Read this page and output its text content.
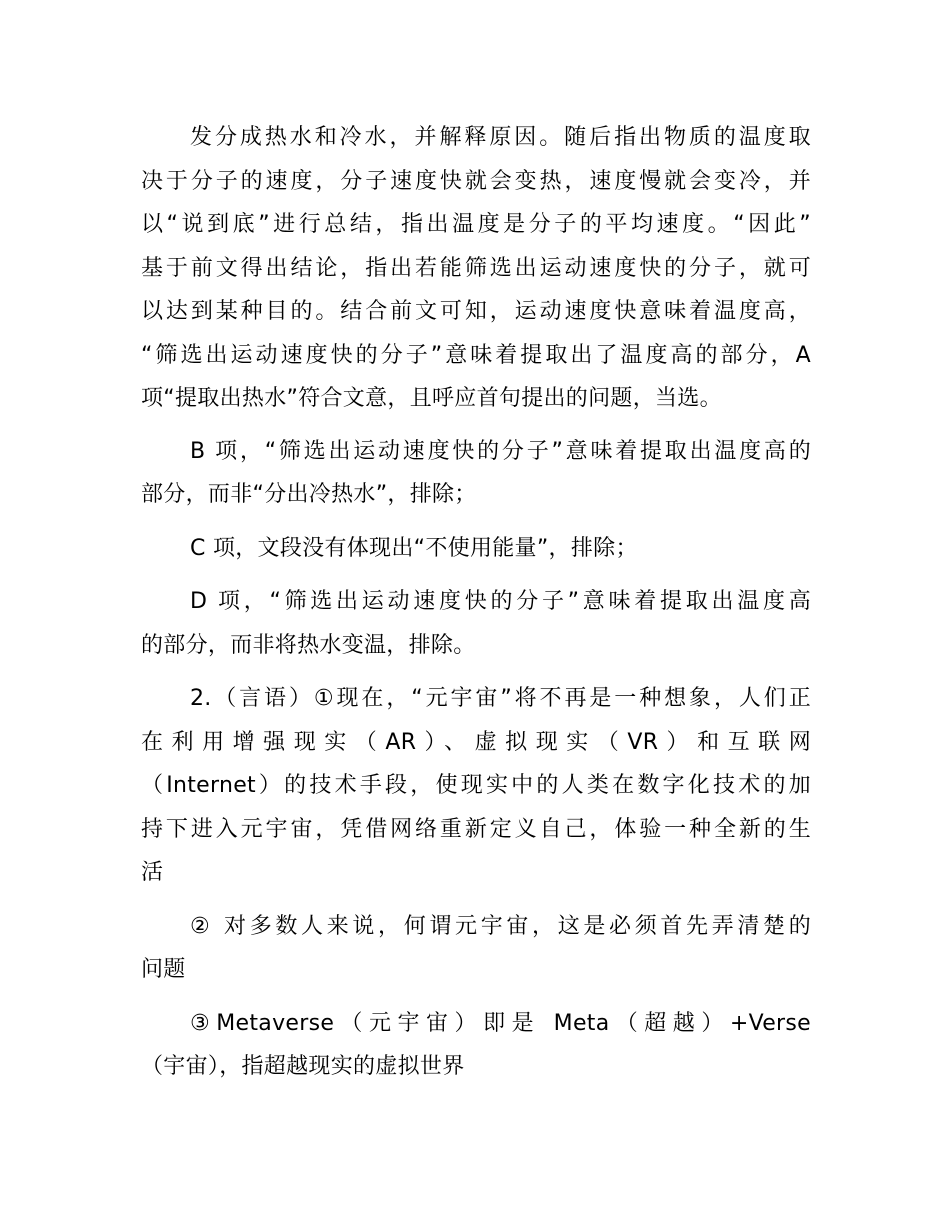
发分成热水和冷水，并解释原因。随后指出物质的温度取
决于分子的速度，分子速度快就会变热，速度慢就会变冷，并
以“说到底”进行总结，指出温度是分子的平均速度。“因此”
基于前文得出结论，指出若能筛选出运动速度快的分子，就可
以达到某种目的。结合前文可知，运动速度快意味着温度高，
“筛选出运动速度快的分子”意味着提取出了温度高的部分，A
项“提取出热水”符合文意，且呼应首句提出的问题，当选。

B 项，“筛选出运动速度快的分子”意味着提取出温度高的
部分，而非“分出冷热水”，排除；

C 项，文段没有体现出“不使用能量”，排除；

D 项，“筛选出运动速度快的分子”意味着提取出温度高
的部分，而非将热水变温，排除。

2.（言语）①现在，“元宇宙”将不再是一种想象，人们正
在利用增强现实（AR）、虚拟现实（VR）和互联网
（Internet）的技术手段，使现实中的人类在数字化技术的加
持下进入元宇宙，凭借网络重新定义自己，体验一种全新的生
活

② 对多数人来说，何谓元宇宙，这是必须首先弄清楚的
问题

③Metaverse（元宇宙）即是 Meta（超越）+Verse
（宇宙），指超越现实的虚拟世界
